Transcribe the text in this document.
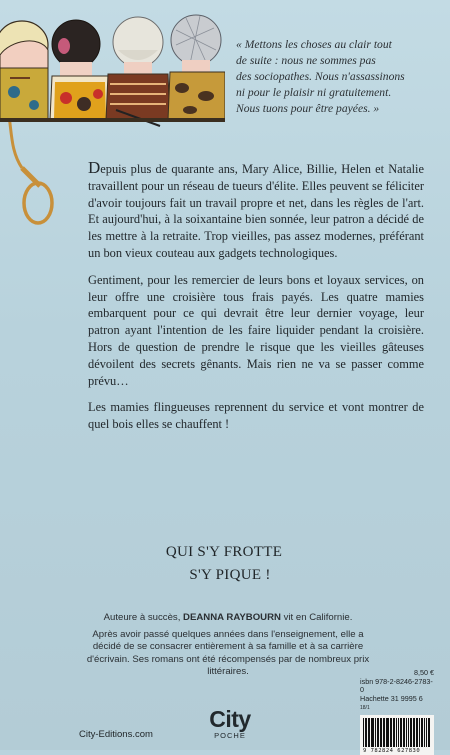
« Mettons les choses au clair tout
de suite : nous ne sommes pas
des sociopathes. Nous n'assassinons
ni pour le plaisir ni gratuitement.
Nous tuons pour être payées. »

Depuis plus de quarante ans, Mary Alice, Billie, Helen et Natalie travaillent pour un réseau de tueurs d'élite. Elles peuvent se féliciter d'avoir toujours fait un travail propre et net, dans les règles de l'art. Et aujourd'hui, à la soixantaine bien sonnée, leur patron a décidé de les mettre à la retraite. Trop vieilles, pas assez modernes, préférant un bon vieux couteau aux gadgets technologiques.

Gentiment, pour les remercier de leurs bons et loyaux services, on leur offre une croisière tous frais payés. Les quatre mamies embarquent pour ce qui devrait être leur dernier voyage, leur patron ayant l'intention de les faire liquider pendant la croisière. Hors de question de prendre le risque que les vieilles gâteuses dévoilent des secrets gênants. Mais rien ne va se passer comme prévu…

Les mamies flingueuses reprennent du service et vont montrer de quel bois elles se chauffent !

QUI S'Y FROTTE
S'Y PIQUE !

Auteure à succès, DEANNA RAYBOURN vit en Californie.

Après avoir passé quelques années dans l'enseignement, elle a décidé de se consacrer entièrement à sa famille et à sa carrière d'écrivain. Ses romans ont été récompensés par de nombreux prix littéraires.	8,50 €
isbn 978-2-8246-2783-0
Hachette 31 9995 6 18/1
9 782824 627830
City-Editions.com
City
POCHE
